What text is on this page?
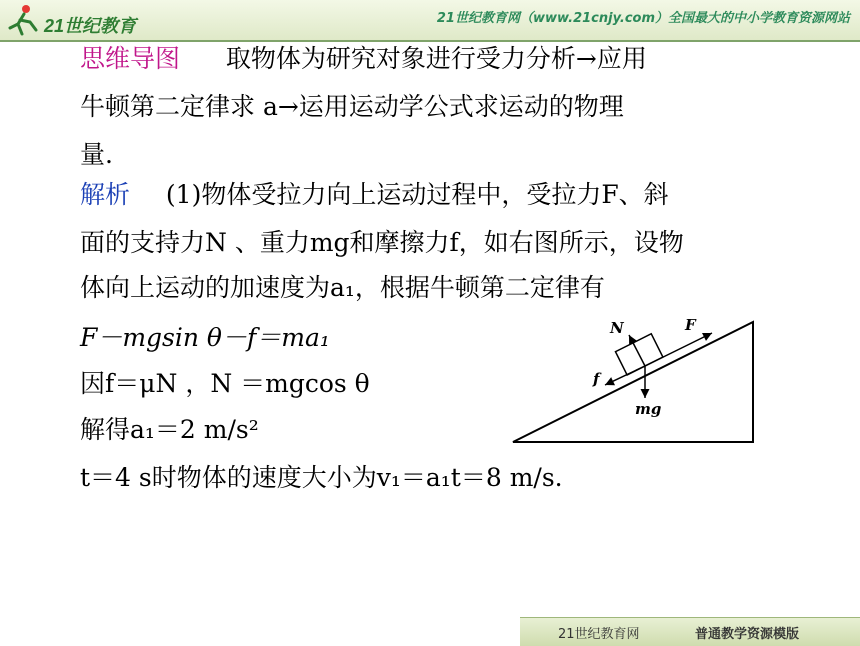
21世纪教育	21世纪教育网（www.21cnjy.com）全国最大的中小学教育资源网站
思维导图 取物体为研究对象进行受力分析→应用
牛顿第二定律求 a→运用运动学公式求运动的物理
量.
解析 (1)物体受拉力向上运动过程中，受拉力F、斜
面的支持力N 、重力mg和摩擦力f，如右图所示，设物
体向上运动的加速度为a₁，根据牛顿第二定律有
F－mgsin θ－f＝ma₁
因f＝μN ，N ＝mgcos θ
解得a₁＝2 m/s²
t＝4 s时物体的速度大小为v₁＝a₁t＝8 m/s.
N	F
f
mg
21世纪教育网	普通教学资源模版
